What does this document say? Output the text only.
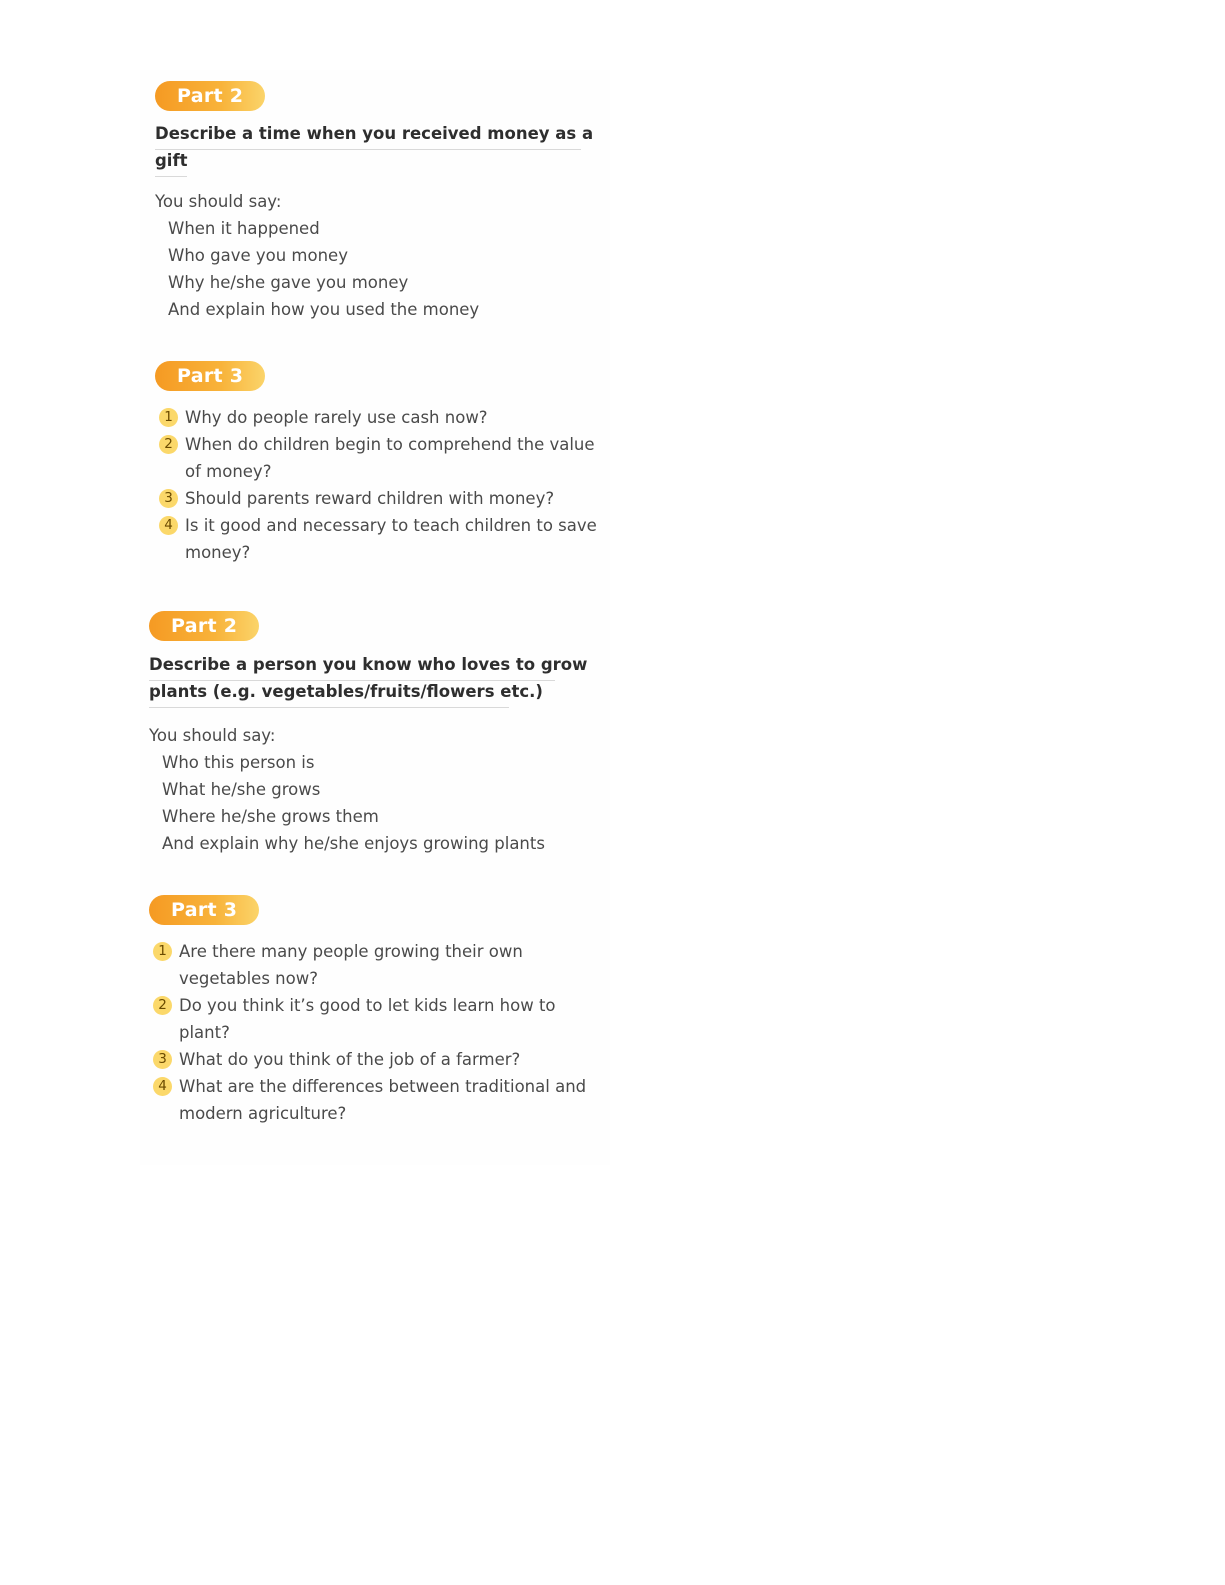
Part 2
Describe a time when you received money as a
gift
You should say:
When it happened
Who gave you money
Why he/she gave you money
And explain how you used the money
Part 3
1 Why do people rarely use cash now?
2 When do children begin to comprehend the value
of money?
3 Should parents reward children with money?
4 Is it good and necessary to teach children to save
money?
Part 2
Describe a person you know who loves to grow
plants (e.g. vegetables/fruits/flowers etc.)
You should say:
Who this person is
What he/she grows
Where he/she grows them
And explain why he/she enjoys growing plants
Part 3
1 Are there many people growing their own
vegetables now?
2 Do you think it’s good to let kids learn how to
plant?
3 What do you think of the job of a farmer?
4 What are the differences between traditional and
modern agriculture?
